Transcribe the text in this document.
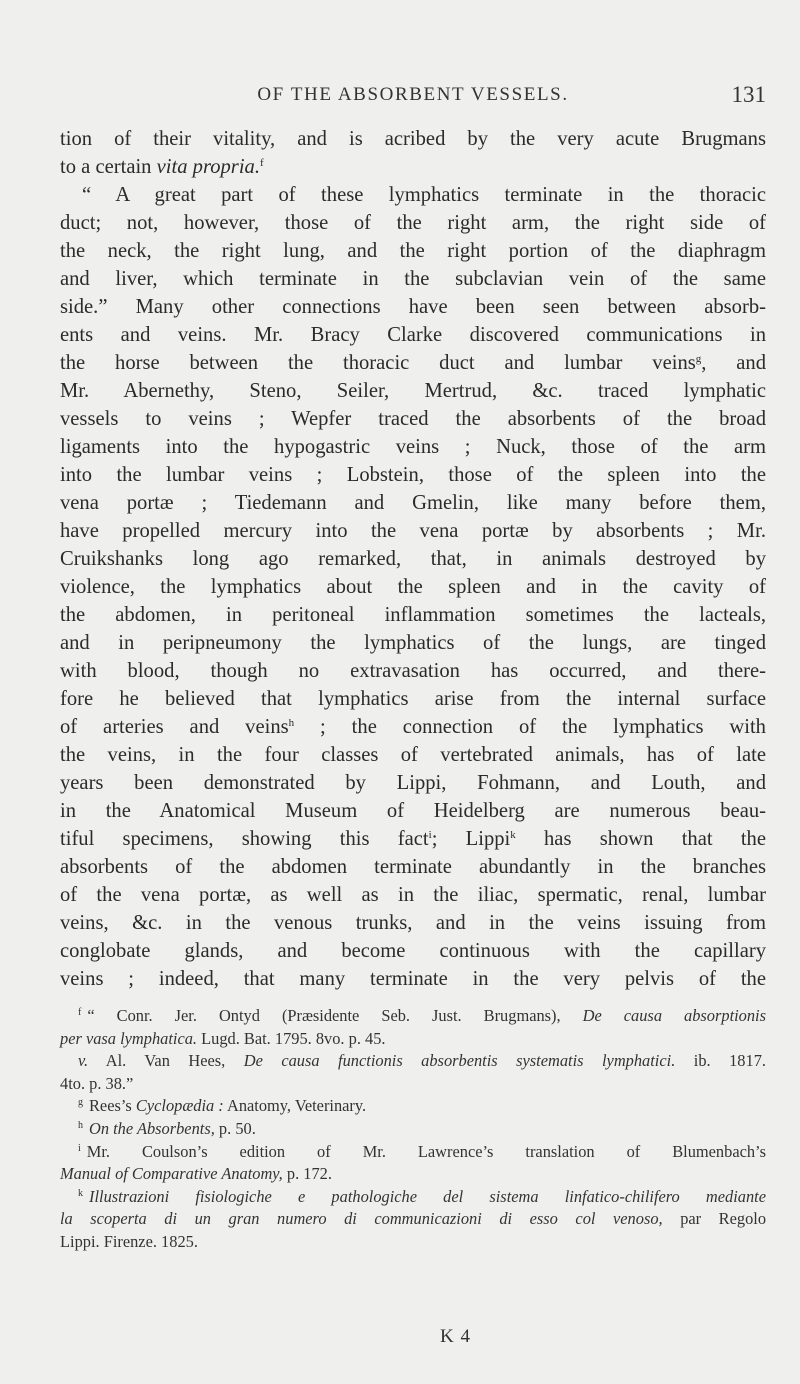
OF THE ABSORBENT VESSELS.	131
tion of their vitality, and is acribed by the very acute Brugmans
to a certain vita propria.$^f$
“ A great part of these lymphatics terminate in the thoracic
duct; not, however, those of the right arm, the right side of
the neck, the right lung, and the right portion of the diaphragm
and liver, which terminate in the subclavian vein of the same
side.” Many other connections have been seen between absorb-
ents and veins. Mr. Bracy Clarke discovered communications in
the horse between the thoracic duct and lumbar veins$^g$, and
Mr. Abernethy, Steno, Seiler, Mertrud, &c. traced lymphatic
vessels to veins ; Wepfer traced the absorbents of the broad
ligaments into the hypogastric veins ; Nuck, those of the arm
into the lumbar veins ; Lobstein, those of the spleen into the
vena portæ ; Tiedemann and Gmelin, like many before them,
have propelled mercury into the vena portæ by absorbents ; Mr.
Cruikshanks long ago remarked, that, in animals destroyed by
violence, the lymphatics about the spleen and in the cavity of
the abdomen, in peritoneal inflammation sometimes the lacteals,
and in peripneumony the lymphatics of the lungs, are tinged
with blood, though no extravasation has occurred, and there-
fore he believed that lymphatics arise from the internal surface
of arteries and veins$^h$ ; the connection of the lymphatics with
the veins, in the four classes of vertebrated animals, has of late
years been demonstrated by Lippi, Fohmann, and Louth, and
in the Anatomical Museum of Heidelberg are numerous beau-
tiful specimens, showing this fact$^i$; Lippi$^k$ has shown that the
absorbents of the abdomen terminate abundantly in the branches
of the vena portæ, as well as in the iliac, spermatic, renal, lumbar
veins, &c. in the venous trunks, and in the veins issuing from
conglobate glands, and become continuous with the capillary
veins ; indeed, that many terminate in the very pelvis of the
$^f$ “ Conr. Jer. Ontyd (Præsidente Seb. Just. Brugmans), De causa absorptionis
per vasa lymphatica. Lugd. Bat. 1795. 8vo. p. 45.
v. Al. Van Hees, De causa functionis absorbentis systematis lymphatici. ib. 1817.
4to. p. 38.”
$^g$ Rees’s Cyclopædia : Anatomy, Veterinary.
$^h$ On the Absorbents, p. 50.
$^i$ Mr. Coulson’s edition of Mr. Lawrence’s translation of Blumenbach’s
Manual of Comparative Anatomy, p. 172.
$^k$ Illustrazioni fisiologiche e pathologiche del sistema linfatico-chilifero mediante
la scoperta di un gran numero di communicazioni di esso col venoso, par Regolo
Lippi. Firenze. 1825.
K 4
